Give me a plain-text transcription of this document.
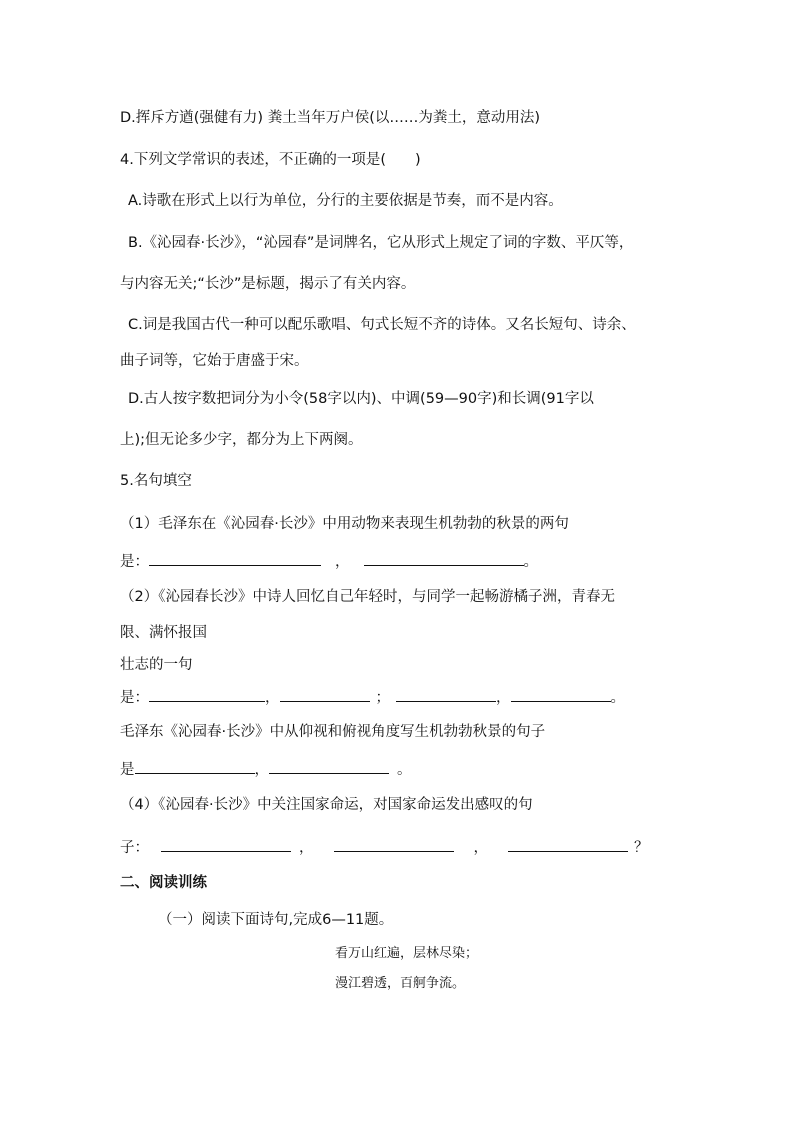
D.挥斥方遒(强健有力) 粪土当年万户侯(以……为粪土，意动用法)
4.下列文学常识的表述，不正确的一项是(　　)
A.诗歌在形式上以行为单位，分行的主要依据是节奏，而不是内容。
B.《沁园春·长沙》，“沁园春”是词牌名，它从形式上规定了词的字数、平仄等，
与内容无关;“长沙”是标题，揭示了有关内容。
C.词是我国古代一种可以配乐歌唱、句式长短不齐的诗体。又名长短句、诗余、
曲子词等，它始于唐盛于宋。
D.古人按字数把词分为小令(58字以内)、中调(59—90字)和长调(91字以
上);但无论多少字，都分为上下两阕。
5.名句填空
（1）毛泽东在《沁园春·长沙》中用动物来表现生机勃勃的秋景的两句
是：	，	。
（2）《沁园春长沙》中诗人回忆自己年轻时，与同学一起畅游橘子洲，青春无
限、满怀报国
壮志的一句
是：	，	；	，	。
毛泽东《沁园春·长沙》中从仰视和俯视角度写生机勃勃秋景的句子
是	，	。
（4）《沁园春·长沙》中关注国家命运，对国家命运发出感叹的句
子：	，	，	？
二、阅读训练
（一）阅读下面诗句,完成6—11题。
看万山红遍，层林尽染；
漫江碧透，百舸争流。
